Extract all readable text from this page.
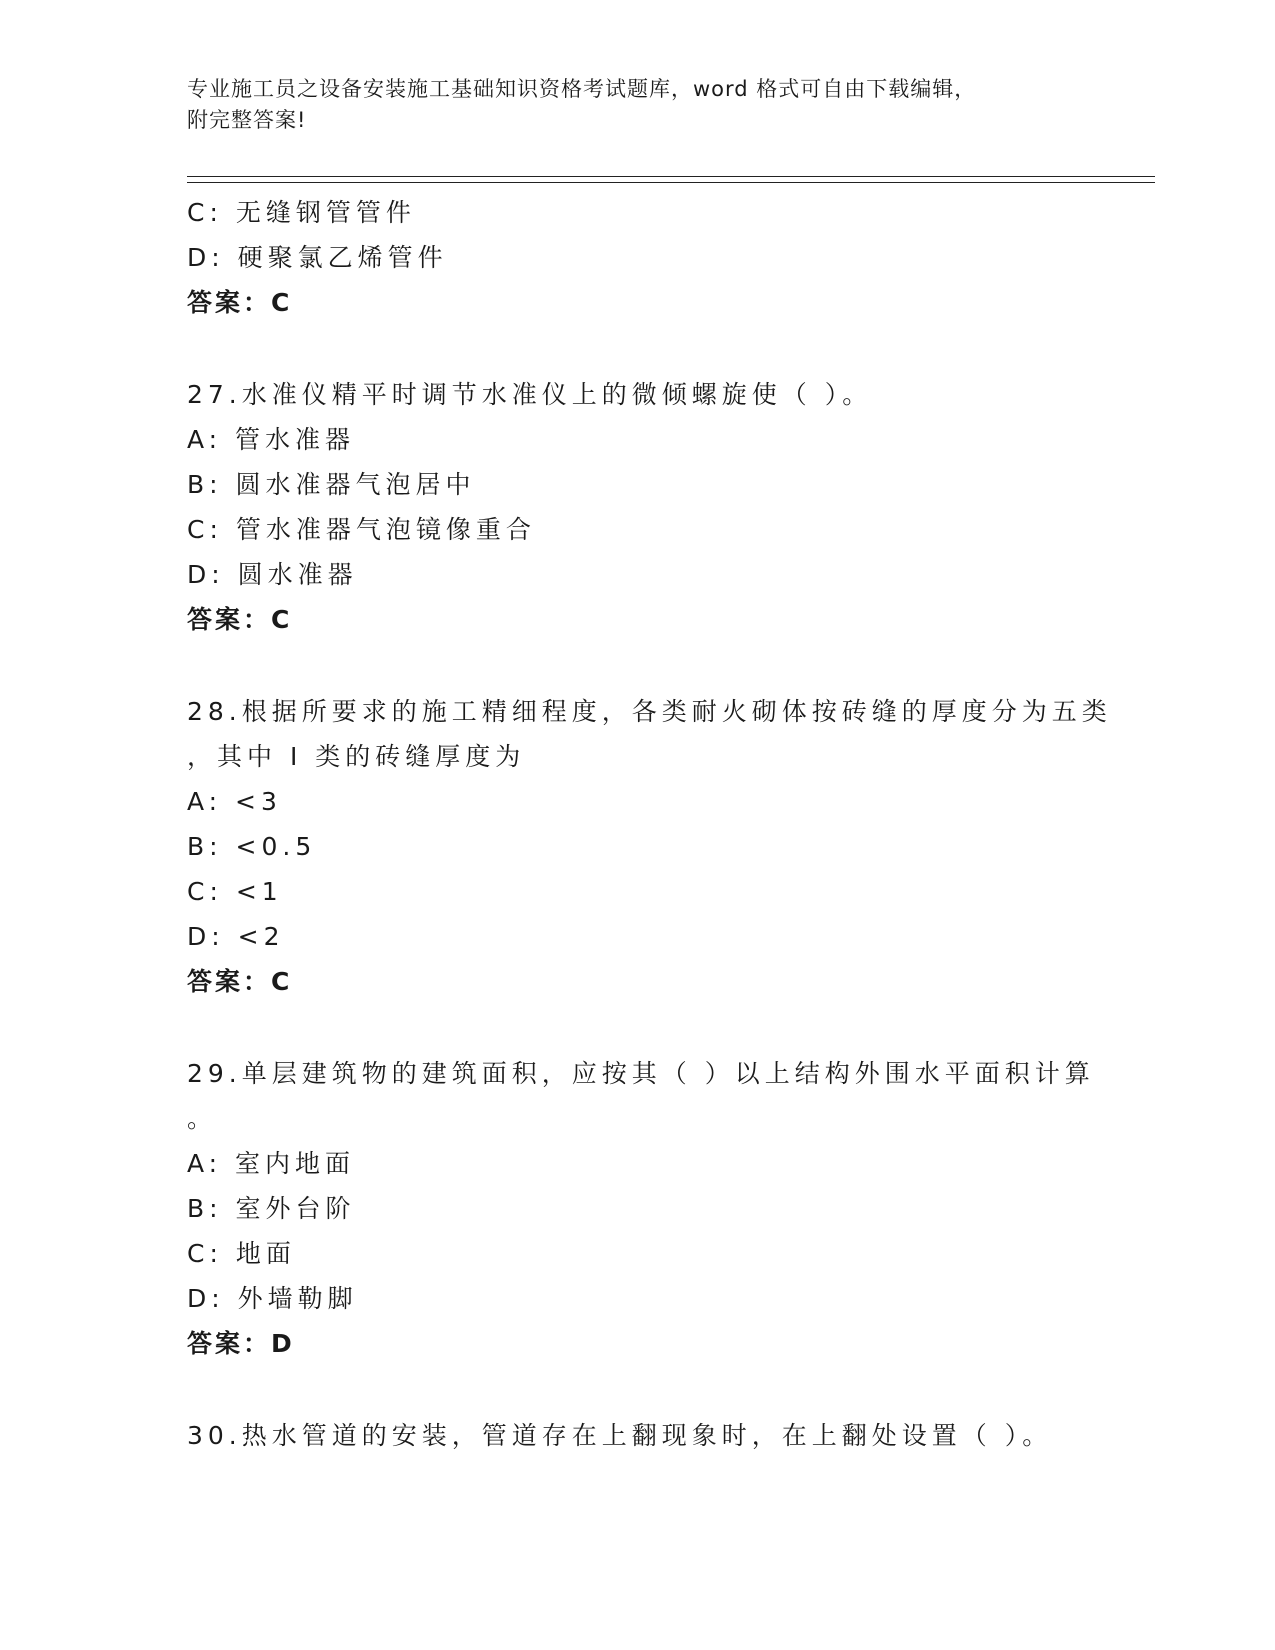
专业施工员之设备安装施工基础知识资格考试题库，word 格式可自由下载编辑，
附完整答案!
C: 无缝钢管管件
D: 硬聚氯乙烯管件
答案：C
27.水准仪精平时调节水准仪上的微倾螺旋使（ ）。
A: 管水准器
B: 圆水准器气泡居中
C: 管水准器气泡镜像重合
D: 圆水准器
答案：C
28.根据所要求的施工精细程度，各类耐火砌体按砖缝的厚度分为五类
，其中 I 类的砖缝厚度为
A: <3
B: <0.5
C: <1
D: <2
答案：C
29.单层建筑物的建筑面积，应按其（ ）以上结构外围水平面积计算
。
A: 室内地面
B: 室外台阶
C: 地面
D: 外墙勒脚
答案：D
30.热水管道的安装，管道存在上翻现象时，在上翻处设置（ ）。
